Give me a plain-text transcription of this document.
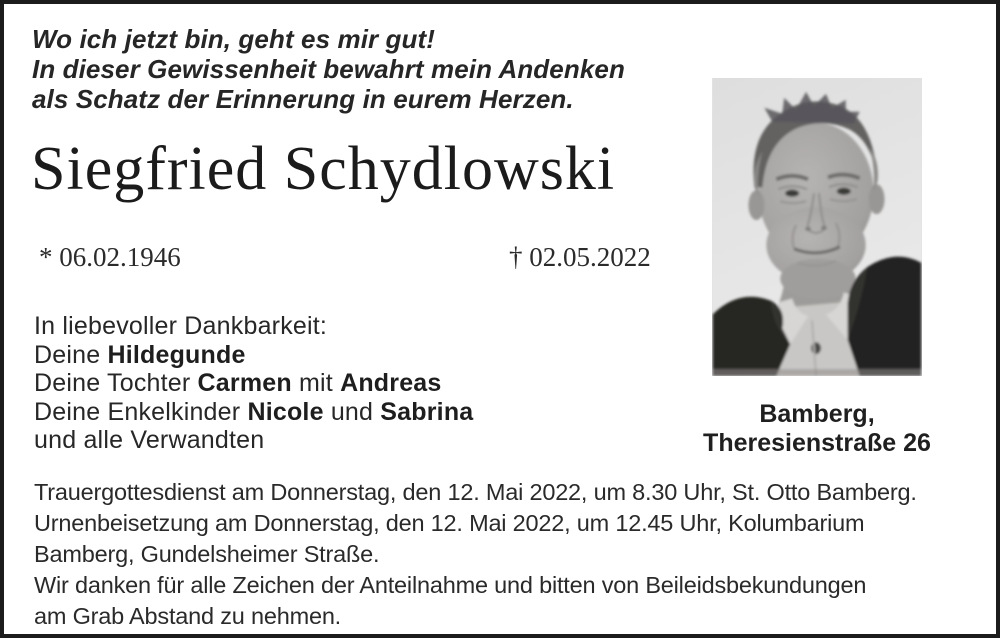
Wo ich jetzt bin, geht es mir gut!
In dieser Gewissenheit bewahrt mein Andenken
als Schatz der Erinnerung in eurem Herzen.
Siegfried Schydlowski
* 06.02.1946	† 02.05.2022
In liebevoller Dankbarkeit:
Deine Hildegunde
Deine Tochter Carmen mit Andreas
Deine Enkelkinder Nicole und Sabrina
und alle Verwandten
Bamberg,
Theresienstraße 26
Trauergottesdienst am Donnerstag, den 12. Mai 2022, um 8.30 Uhr, St. Otto Bamberg.
Urnenbeisetzung am Donnerstag, den 12. Mai 2022, um 12.45 Uhr, Kolumbarium
Bamberg, Gundelsheimer Straße.
Wir danken für alle Zeichen der Anteilnahme und bitten von Beileidsbekundungen
am Grab Abstand zu nehmen.
